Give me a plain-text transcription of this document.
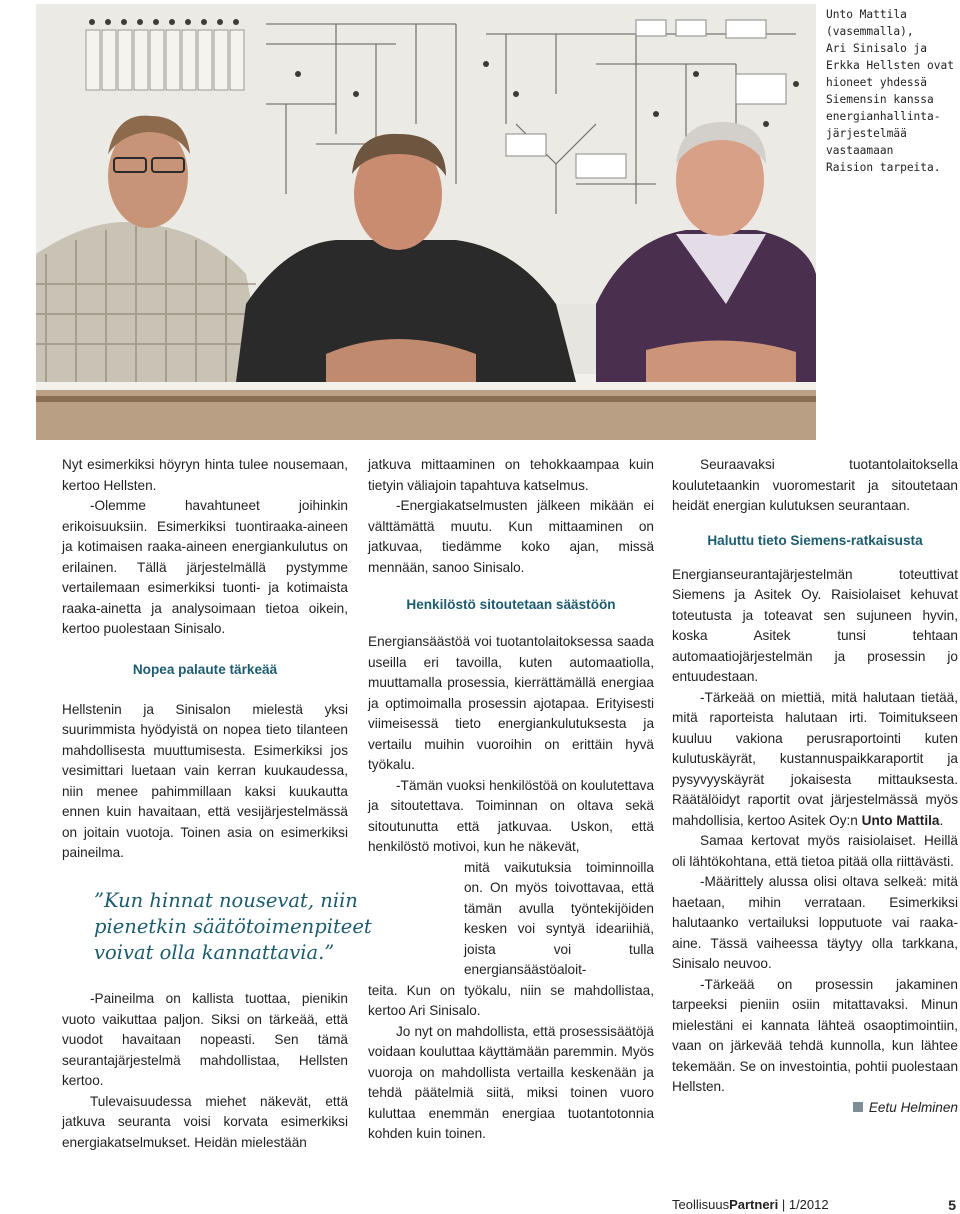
Unto Mattila
(vasemmalla),
Ari Sinisalo ja
Erkka Hellsten ovat
hioneet yhdessä
Siemensin kanssa
energianhallinta-
järjestelmää
vastaamaan
Raision tarpeita.

Nyt esimerkiksi höyryn hinta tulee nousemaan, kertoo Hellsten.

-Olemme havahtuneet joihinkin erikoisuuksiin. Esimerkiksi tuontiraaka-aineen ja kotimaisen raaka-aineen energiankulutus on erilainen. Tällä järjestelmällä pystymme vertailemaan esimerkiksi tuonti- ja kotimaista raaka-ainetta ja analysoimaan tietoa oikein, kertoo puolestaan Sinisalo.

Nopea palaute tärkeää

Hellstenin ja Sinisalon mielestä yksi suurimmista hyödyistä on nopea tieto tilanteen mahdollisesta muuttumisesta. Esimerkiksi jos vesimittari luetaan vain kerran kuukaudessa, niin menee pahimmillaan kaksi kuukautta ennen kuin havaitaan, että vesijärjestelmässä on joitain vuotoja. Toinen asia on esimerkiksi paineilma.

”Kun hinnat nousevat, niin
pienetkin säätötoimenpiteet
voivat olla kannattavia.”

-Paineilma on kallista tuottaa, pienikin vuoto vaikuttaa paljon. Siksi on tärkeää, että vuodot havaitaan nopeasti. Sen tämä seurantajärjestelmä mahdollistaa, Hellsten kertoo.

Tulevaisuudessa miehet näkevät, että jatkuva seuranta voisi korvata esimerkiksi energiakatselmukset. Heidän mielestään

jatkuva mittaaminen on tehokkaampaa kuin tietyin väliajoin tapahtuva katselmus.

-Energiakatselmusten jälkeen mikään ei välttämättä muutu. Kun mittaaminen on jatkuvaa, tiedämme koko ajan, missä mennään, sanoo Sinisalo.

Henkilöstö sitoutetaan säästöön

Energiansäästöä voi tuotantolaitoksessa saada useilla eri tavoilla, kuten automaatiolla, muuttamalla prosessia, kierrättämällä energiaa ja optimoimalla prosessin ajotapaa. Erityisesti viimeisessä tieto energiankulutuksesta ja vertailu muihin vuoroihin on erittäin hyvä työkalu.

-Tämän vuoksi henkilöstöä on koulutettava ja sitoutettava. Toiminnan on oltava sekä sitoutunutta että jatkuvaa. Uskon, että henkilöstö motivoi, kun he näkevät,

mitä vaikutuksia toiminnoilla on. On myös toivottavaa, että tämän avulla työntekijöiden kesken voi syntyä ideariihiä, joista voi tulla energiansäästöaloit-

teita. Kun on työkalu, niin se mahdollistaa, kertoo Ari Sinisalo.

Jo nyt on mahdollista, että prosessisäätöjä voidaan kouluttaa käyttämään paremmin. Myös vuoroja on mahdollista vertailla keskenään ja tehdä päätelmiä siitä, miksi toinen vuoro kuluttaa enemmän energiaa tuotantotonnia kohden kuin toinen.

Seuraavaksi tuotantolaitoksella koulutetaankin vuoromestarit ja sitoutetaan heidät energian kulutuksen seurantaan.

Haluttu tieto Siemens-ratkaisusta

Energianseurantajärjestelmän toteuttivat Siemens ja Asitek Oy. Raisiolaiset kehuvat toteutusta ja toteavat sen sujuneen hyvin, koska Asitek tunsi tehtaan automaatiojärjestelmän ja prosessin jo entuudestaan.

-Tärkeää on miettiä, mitä halutaan tietää, mitä raporteista halutaan irti. Toimitukseen kuuluu vakiona perusraportointi kuten kulutuskäyrät, kustannuspaikkaraportit ja pysyvyyskäyrät jokaisesta mittauksesta. Räätälöidyt raportit ovat järjestelmässä myös mahdollisia, kertoo Asitek Oy:n Unto Mattila.

Samaa kertovat myös raisiolaiset. Heillä oli lähtökohtana, että tietoa pitää olla riittävästi.

-Määrittely alussa olisi oltava selkeä: mitä haetaan, mihin verrataan. Esimerkiksi halutaanko vertailuksi lopputuote vai raaka-aine. Tässä vaiheessa täytyy olla tarkkana, Sinisalo neuvoo.

-Tärkeää on prosessin jakaminen tarpeeksi pieniin osiin mitattavaksi. Minun mielestäni ei kannata lähteä osaoptimointiin, vaan on järkevää tehdä kunnolla, kun lähtee tekemään. Se on investointia, pohtii puolestaan Hellsten.

Eetu Helminen
TeollisuusPartneri | 1/2012	5
